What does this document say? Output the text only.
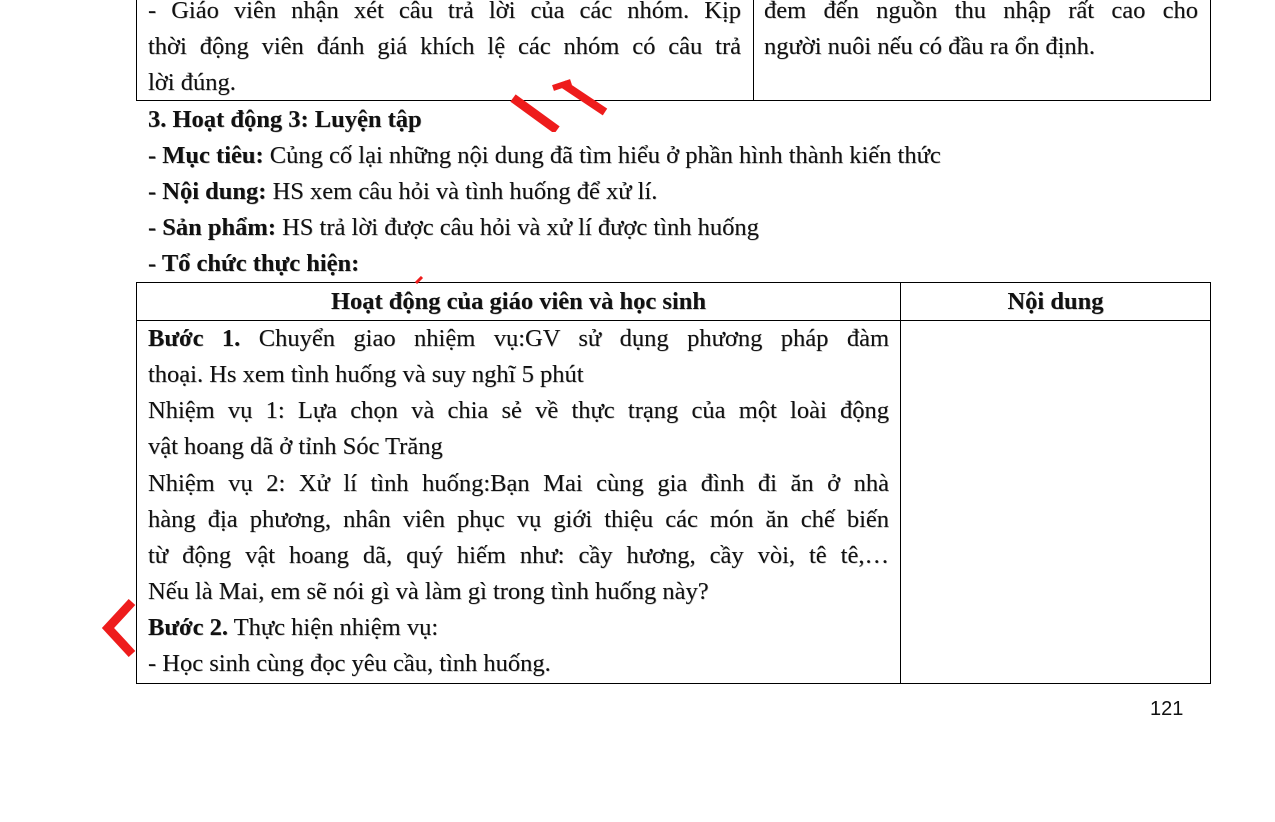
- Giáo viên nhận xét câu trả lời của các nhóm. Kịp
thời động viên đánh giá khích lệ các nhóm có câu trả
lời đúng.
đem đến nguồn thu nhập rất cao cho
người nuôi nếu có đầu ra ổn định.
3. Hoạt động 3: Luyện tập
- Mục tiêu: Củng cố lại những nội dung đã tìm hiểu ở phần hình thành kiến thức
- Nội dung: HS xem câu hỏi và tình huống để xử lí.
- Sản phẩm: HS trả lời được câu hỏi và xử lí được tình huống
- Tổ chức thực hiện:
Hoạt động của giáo viên và học sinh	Nội dung
Bước 1. Chuyển giao nhiệm vụ:GV sử dụng phương pháp đàm
thoại. Hs xem tình huống và suy nghĩ 5 phút
Nhiệm vụ 1: Lựa chọn và chia sẻ về thực trạng của một loài động
vật hoang dã ở tỉnh Sóc Trăng
Nhiệm vụ 2: Xử lí tình huống:Bạn Mai cùng gia đình đi ăn ở nhà
hàng địa phương, nhân viên phục vụ giới thiệu các món ăn chế biến
từ động vật hoang dã, quý hiếm như: cầy hương, cầy vòi, tê tê,…
Nếu là Mai, em sẽ nói gì và làm gì trong tình huống này?
Bước 2. Thực hiện nhiệm vụ:
- Học sinh cùng đọc yêu cầu, tình huống.
121
